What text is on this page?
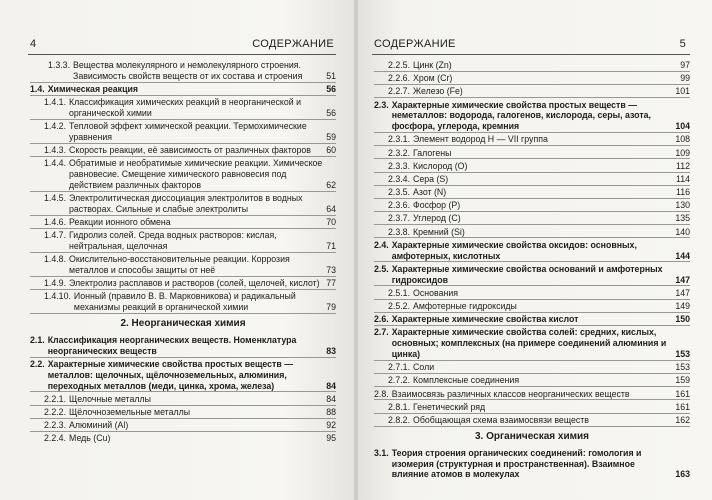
4	СОДЕРЖАНИЕ
1.3.3. Вещества молекулярного и немолекулярного строения. Зависимость свойств веществ от их состава и строения	51
1.4. Химическая реакция	56
1.4.1. Классификация химических реакций в неорганической и органической химии	56
1.4.2. Тепловой эффект химической реакции. Термохимические уравнения	59
1.4.3. Скорость реакции, её зависимость от различных факторов	60
1.4.4. Обратимые и необратимые химические реакции. Химическое равновесие. Смещение химического равновесия под действием различных факторов	62
1.4.5. Электролитическая диссоциация электролитов в водных растворах. Сильные и слабые электролиты	64
1.4.6. Реакции ионного обмена	70
1.4.7. Гидролиз солей. Среда водных растворов: кислая, нейтральная, щелочная	71
1.4.8. Окислительно-восстановительные реакции. Коррозия металлов и способы защиты от неё	73
1.4.9. Электролиз расплавов и растворов (солей, щелочей, кислот) 77
1.4.10. Ионный (правило В. В. Марковникова) и радикальный механизмы реакций в органической химии	79
2. Неорганическая химия
2.1. Классификация неорганических веществ. Номенклатура неорганических веществ	83
2.2. Характерные химические свойства простых веществ — металлов: щелочных, щёлочноземельных, алюминия, переходных металлов (меди, цинка, хрома, железа)	84
2.2.1. Щелочные металлы	84
2.2.2. Щёлочноземельные металлы	88
2.2.3. Алюминий (Al)	92
2.2.4. Медь (Cu)	95
СОДЕРЖАНИЕ	5
2.2.5. Цинк (Zn)	97
2.2.6. Хром (Cr)	99
2.2.7. Железо (Fe)	101
2.3. Характерные химические свойства простых веществ — неметаллов: водорода, галогенов, кислорода, серы, азота, фосфора, углерода, кремния	104
2.3.1. Элемент водород H — VII группа	108
2.3.2. Галогены	109
2.3.3. Кислород (O)	112
2.3.4. Сера (S)	114
2.3.5. Азот (N)	116
2.3.6. Фосфор (P)	130
2.3.7. Углерод (C)	135
2.3.8. Кремний (Si)	140
2.4. Характерные химические свойства оксидов: основных, амфотерных, кислотных	144
2.5. Характерные химические свойства оснований и амфотерных гидроксидов	147
2.5.1. Основания	147
2.5.2. Амфотерные гидроксиды	149
2.6. Характерные химические свойства кислот	150
2.7. Характерные химические свойства солей: средних, кислых, основных; комплексных (на примере соединений алюминия и цинка)	153
2.7.1. Соли	153
2.7.2. Комплексные соединения	159
2.8. Взаимосвязь различных классов неорганических веществ	161
2.8.1. Генетический ряд	161
2.8.2. Обобщающая схема взаимосвязи веществ	162
3. Органическая химия
3.1. Теория строения органических соединений: гомология и изомерия (структурная и пространственная). Взаимное влияние атомов в молекулах	163
